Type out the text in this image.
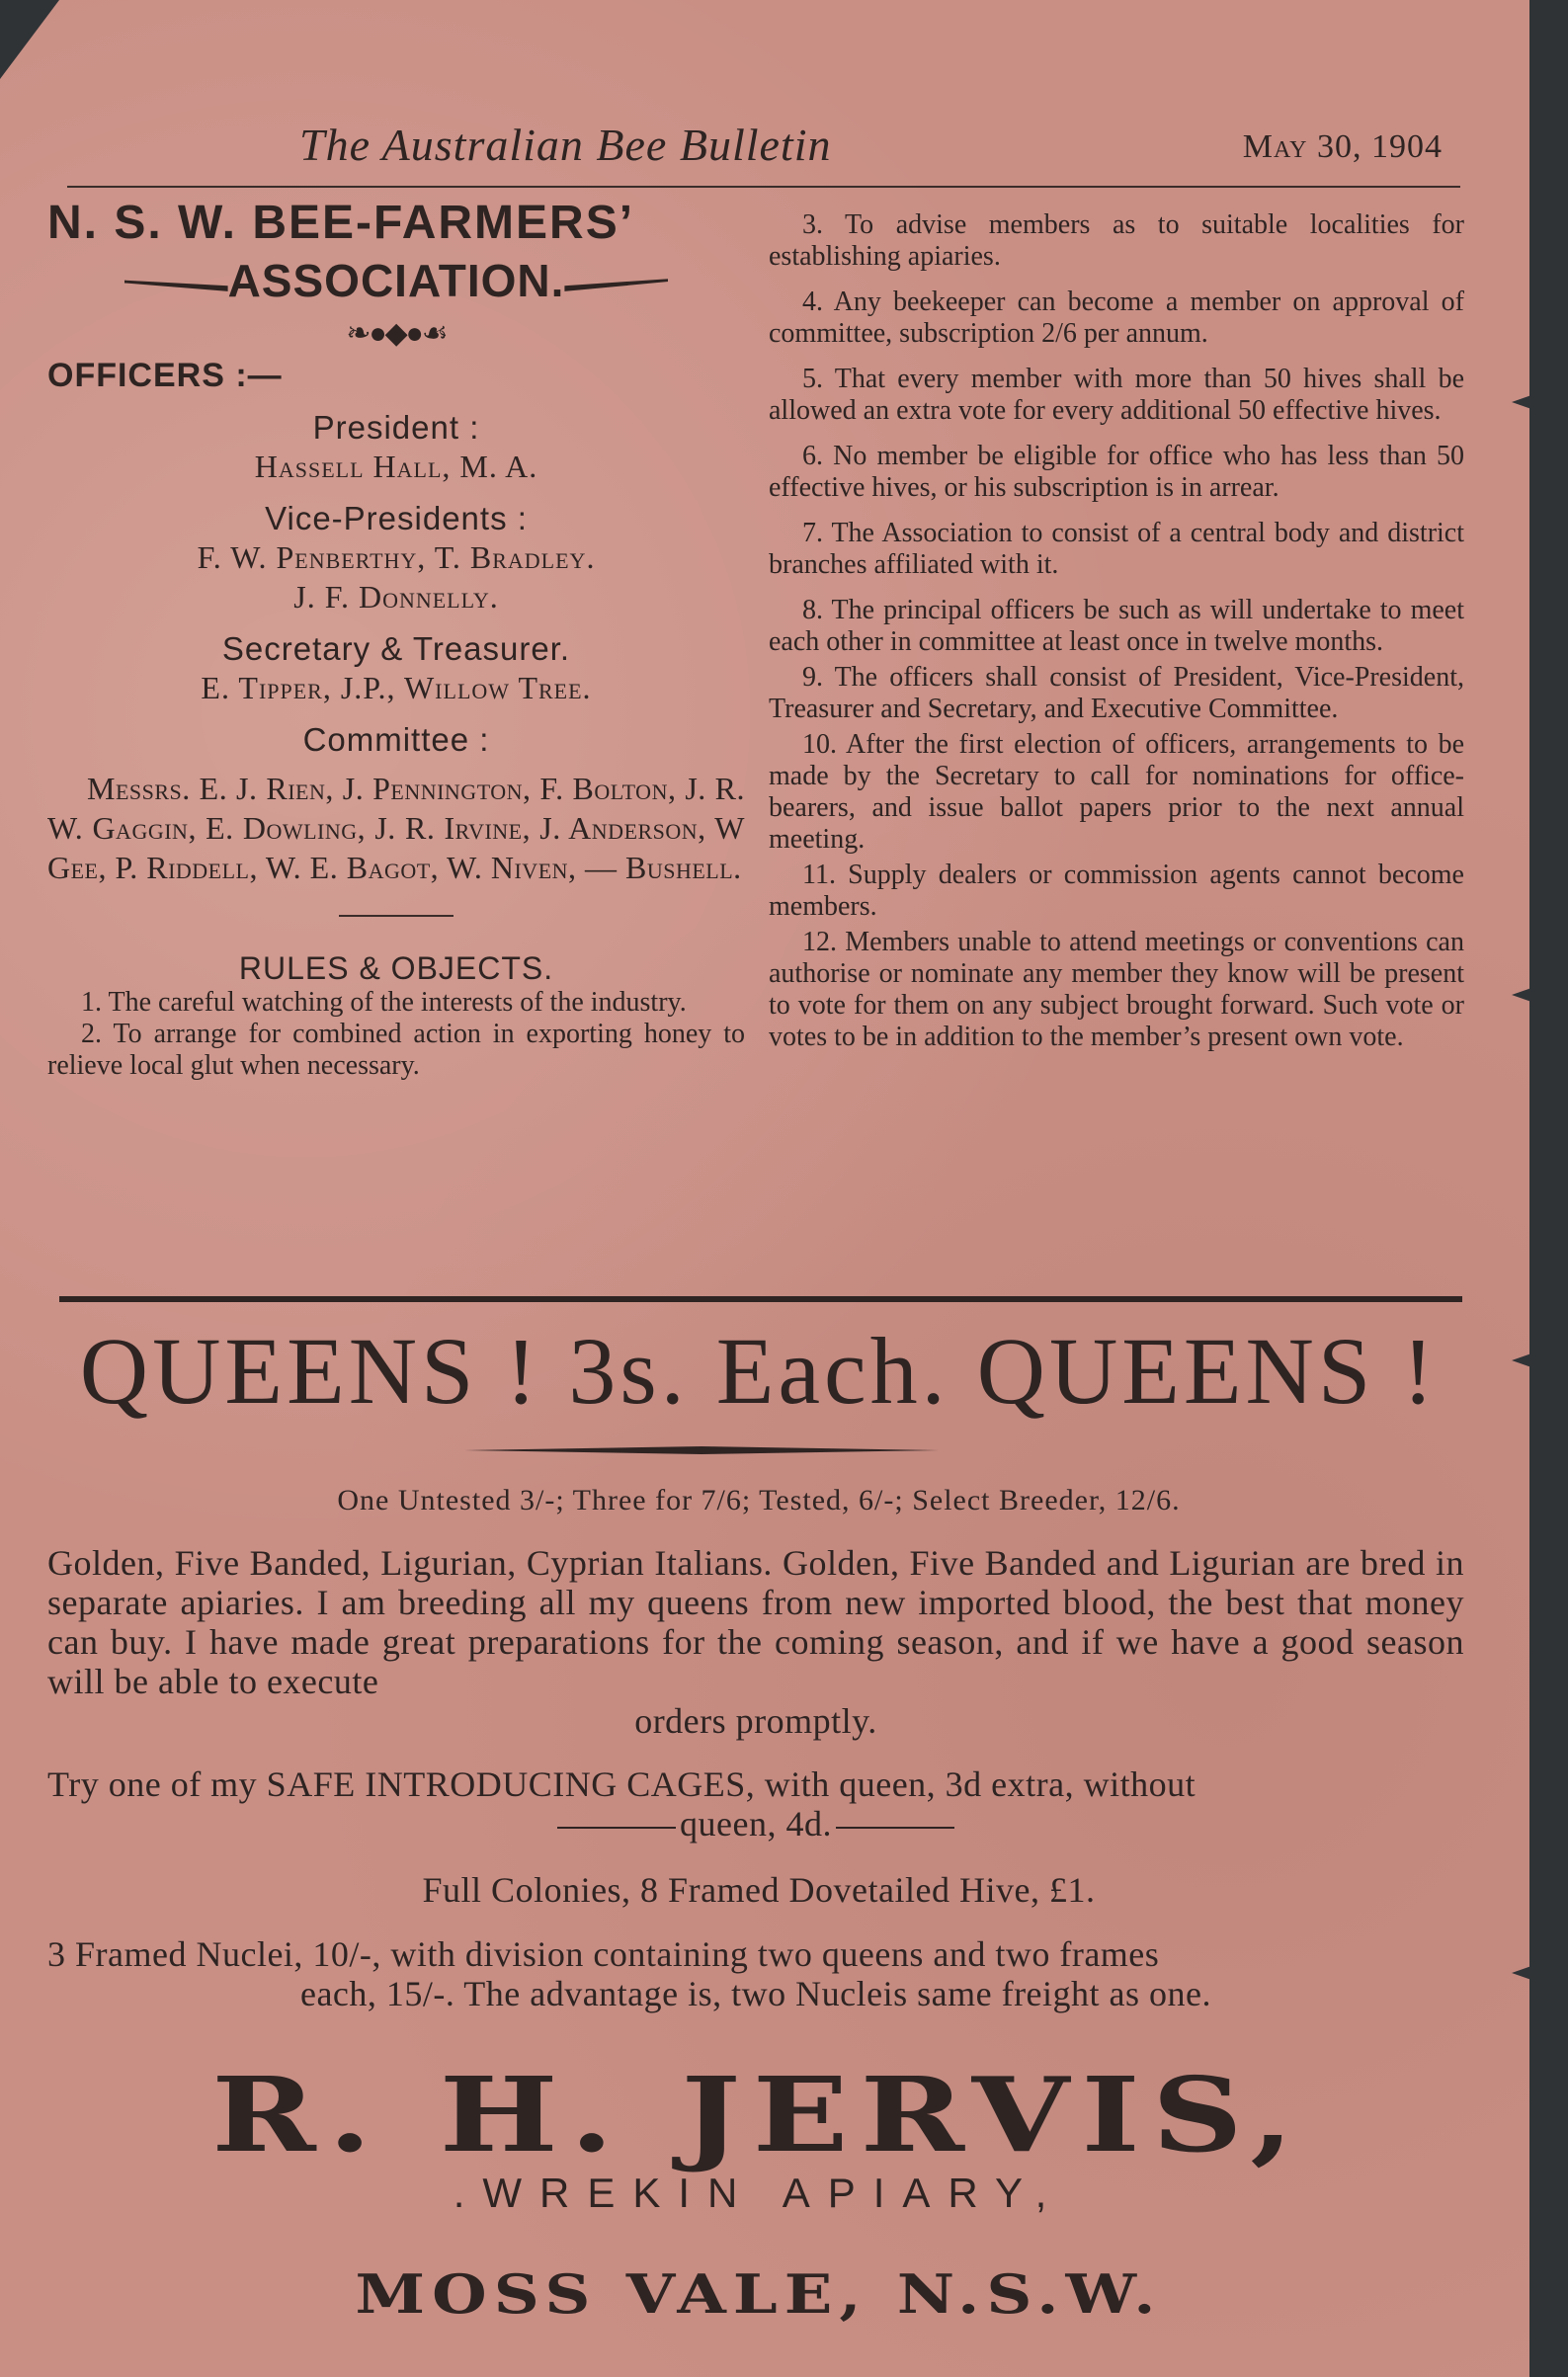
The Australian Bee Bulletin	May 30, 1904
N. S. W. BEE-FARMERS’
ASSOCIATION.
❧●◆●☙
OFFICERS :—
President :
Hassell Hall, M. A.
Vice-Presidents :
F. W. Penberthy, T. Bradley.
J. F. Donnelly.
Secretary & Treasurer.
E. Tipper, J.P., Willow Tree.
Committee :
Messrs. E. J. Rien, J. Pennington, F. Bolton, J. R. W. Gaggin, E. Dowling, J. R. Irvine, J. Anderson, W Gee, P. Riddell, W. E. Bagot, W. Niven, — Bushell.
RULES & OBJECTS.

1. The careful watching of the interests of the industry.

2. To arrange for combined action in exporting honey to relieve local glut when necessary.

3. To advise members as to suitable localities for establishing apiaries.

4. Any beekeeper can become a member on approval of committee, subscription 2/6 per annum.

5. That every member with more than 50 hives shall be allowed an extra vote for every additional 50 effective hives.

6. No member be eligible for office who has less than 50 effective hives, or his subscription is in arrear.

7. The Association to consist of a central body and district branches affiliated with it.

8. The principal officers be such as will undertake to meet each other in committee at least once in twelve months.

9. The officers shall consist of President, Vice-President, Treasurer and Secretary, and Executive Committee.

10. After the first election of officers, arrangements to be made by the Secretary to call for nominations for office-bearers, and issue ballot papers prior to the next annual meeting.

11. Supply dealers or commission agents cannot become members.

12. Members unable to attend meetings or conventions can authorise or nominate any member they know will be present to vote for them on any subject brought forward. Such vote or votes to be in addition to the member’s present own vote.

QUEENS ! 3s. Each. QUEENS !
One Untested 3/-; Three for 7/6; Tested, 6/-; Select Breeder, 12/6.
Golden, Five Banded, Ligurian, Cyprian Italians. Golden, Five Banded and Ligurian are bred in separate apiaries. I am breeding all my queens from new imported blood, the best that money can buy. I have made great preparations for the coming season, and if we have a good season will be able to execute
orders promptly.
Try one of my SAFE INTRODUCING CAGES, with queen, 3d extra, without
queen, 4d.
Full Colonies, 8 Framed Dovetailed Hive, £1.
3 Framed Nuclei, 10/-, with division containing two queens and two frames
each, 15/-. The advantage is, two Nucleis same freight as one.
R. H. JERVIS,
.WREKIN APIARY,
MOSS VALE, N.S.W.
